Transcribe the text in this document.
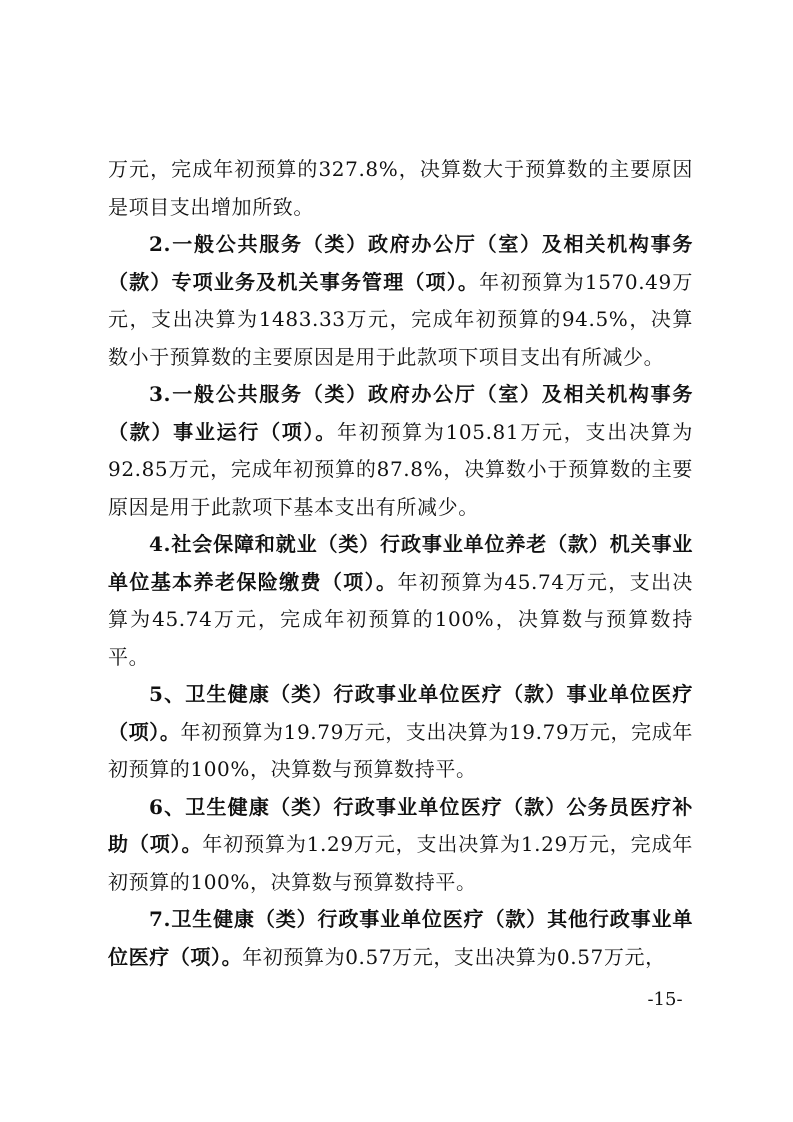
万元，完成年初预算的327.8%，决算数大于预算数的主要原因是项目支出增加所致。

2.一般公共服务（类）政府办公厅（室）及相关机构事务（款）专项业务及机关事务管理（项）。年初预算为1570.49万元，支出决算为1483.33万元，完成年初预算的94.5%，决算数小于预算数的主要原因是用于此款项下项目支出有所减少。

3.一般公共服务（类）政府办公厅（室）及相关机构事务（款）事业运行（项）。年初预算为105.81万元，支出决算为92.85万元，完成年初预算的87.8%，决算数小于预算数的主要原因是用于此款项下基本支出有所减少。

4.社会保障和就业（类）行政事业单位养老（款）机关事业单位基本养老保险缴费（项）。年初预算为45.74万元，支出决算为45.74万元，完成年初预算的100%，决算数与预算数持平。

5、卫生健康（类）行政事业单位医疗（款）事业单位医疗（项）。年初预算为19.79万元，支出决算为19.79万元，完成年初预算的100%，决算数与预算数持平。

6、卫生健康（类）行政事业单位医疗（款）公务员医疗补助（项）。年初预算为1.29万元，支出决算为1.29万元，完成年初预算的100%，决算数与预算数持平。

7.卫生健康（类）行政事业单位医疗（款）其他行政事业单位医疗（项）。年初预算为0.57万元，支出决算为0.57万元，

-15-
